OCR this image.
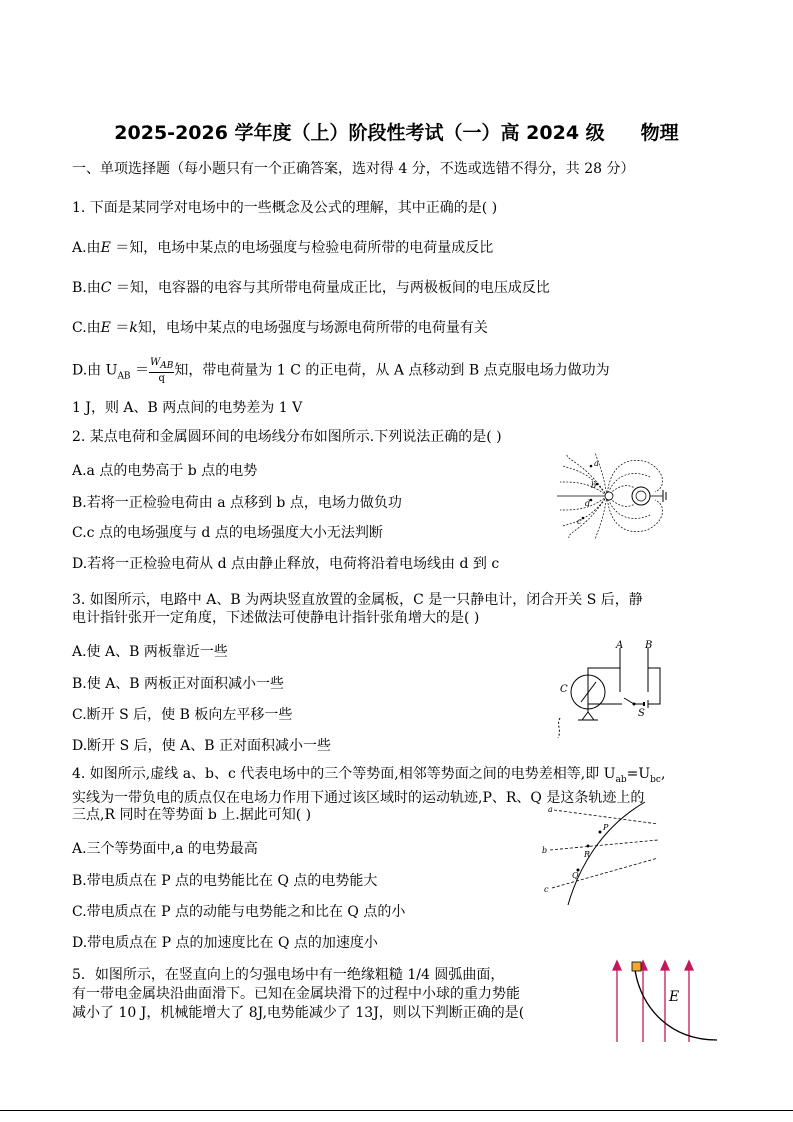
2025-2026 学年度（上）阶段性考试（一）高 2024 级 物理
一、单项选择题（每小题只有一个正确答案，选对得 4 分，不选或选错不得分，共 28 分）
1. 下面是某同学对电场中的一些概念及公式的理解，其中正确的是( )
A.由E ＝知，电场中某点的电场强度与检验电荷所带的电荷量成反比
B.由C ＝知，电容器的电容与其所带电荷量成正比，与两极板间的电压成反比
C.由E ＝k知，电场中某点的电场强度与场源电荷所带的电荷量有关
D.由 $U_{AB} = \frac{W_{AB}}{q}$ 知，带电荷量为 1 C 的正电荷，从 A 点移动到 B 点克服电场力做功为
1 J，则 A、B 两点间的电势差为 1 V
2. 某点电荷和金属圆环间的电场线分布如图所示.下列说法正确的是( )
A.a 点的电势高于 b 点的电势
B.若将一正检验电荷由 a 点移到 b 点，电场力做负功
C.c 点的电场强度与 d 点的电场强度大小无法判断
D.若将一正检验电荷从 d 点由静止释放，电荷将沿着电场线由 d 到 c
a
b
c
d
3. 如图所示，电路中 A、B 为两块竖直放置的金属板，C 是一只静电计，闭合开关 S 后，静
电计指针张开一定角度，下述做法可使静电计指针张角增大的是( )
A.使 A、B 两板靠近一些
B.使 A、B 两板正对面积减小一些
C.断开 S 后，使 B 板向左平移一些
D.断开 S 后，使 A、B 正对面积减小一些
A B
C
S
4. 如图所示,虚线 a、b、c 代表电场中的三个等势面,相邻等势面之间的电势差相等,即 $U_{ab}=U_{bc}$,
实线为一带负电的质点仅在电场力作用下通过该区域时的运动轨迹,P、R、Q 是这条轨迹上的
三点,R 同时在等势面 b 上.据此可知( )
A.三个等势面中,a 的电势最高
B.带电质点在 P 点的电势能比在 Q 点的电势能大
C.带电质点在 P 点的动能与电势能之和比在 Q 点的小
D.带电质点在 P 点的加速度比在 Q 点的加速度小
a
b
c
P
R
Q
5．如图所示，在竖直向上的匀强电场中有一绝缘粗糙 1/4 圆弧曲面，
有一带电金属块沿曲面滑下。已知在金属块滑下的过程中小球的重力势能
减小了 10 J，机械能增大了 8J,电势能减少了 13J，则以下判断正确的是(
E
